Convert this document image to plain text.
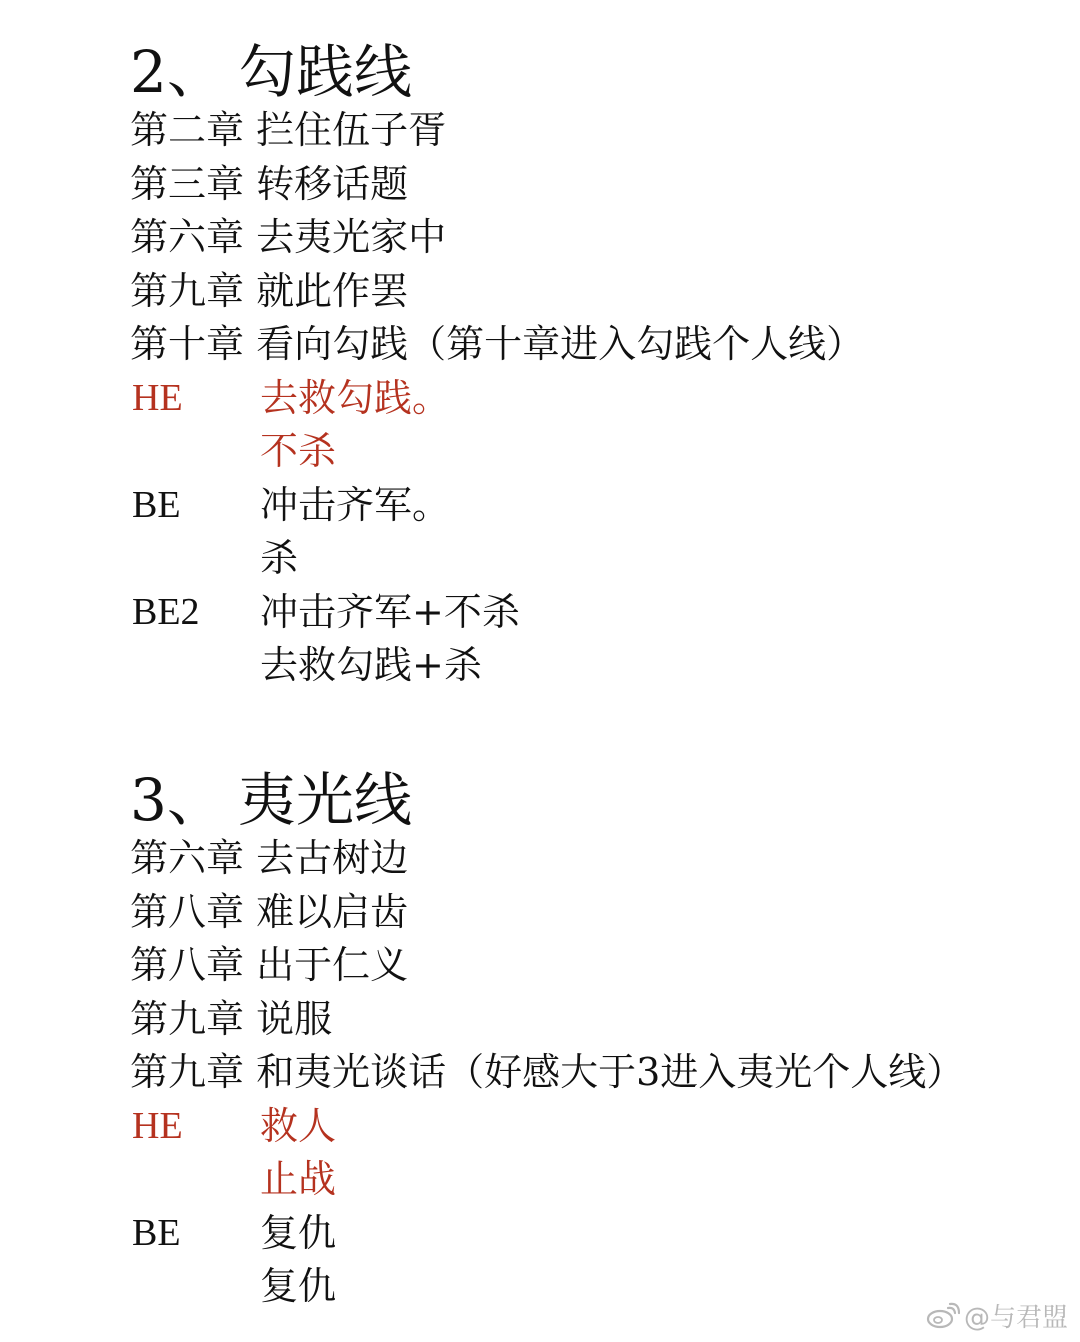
2、 勾践线
第二章 拦住伍子胥
第三章 转移话题
第六章 去夷光家中
第九章 就此作罢
第十章 看向勾践（第十章进入勾践个人线）
HE 去救勾践。
不杀
BE 冲击齐军。
杀
BE2 冲击齐军+不杀
去救勾践+杀
3、 夷光线
第六章 去古树边
第八章 难以启齿
第八章 出于仁义
第九章 说服
第九章 和夷光谈话（好感大于3进入夷光个人线）
HE 救人
止战
BE 复仇
复仇
@与君盟
